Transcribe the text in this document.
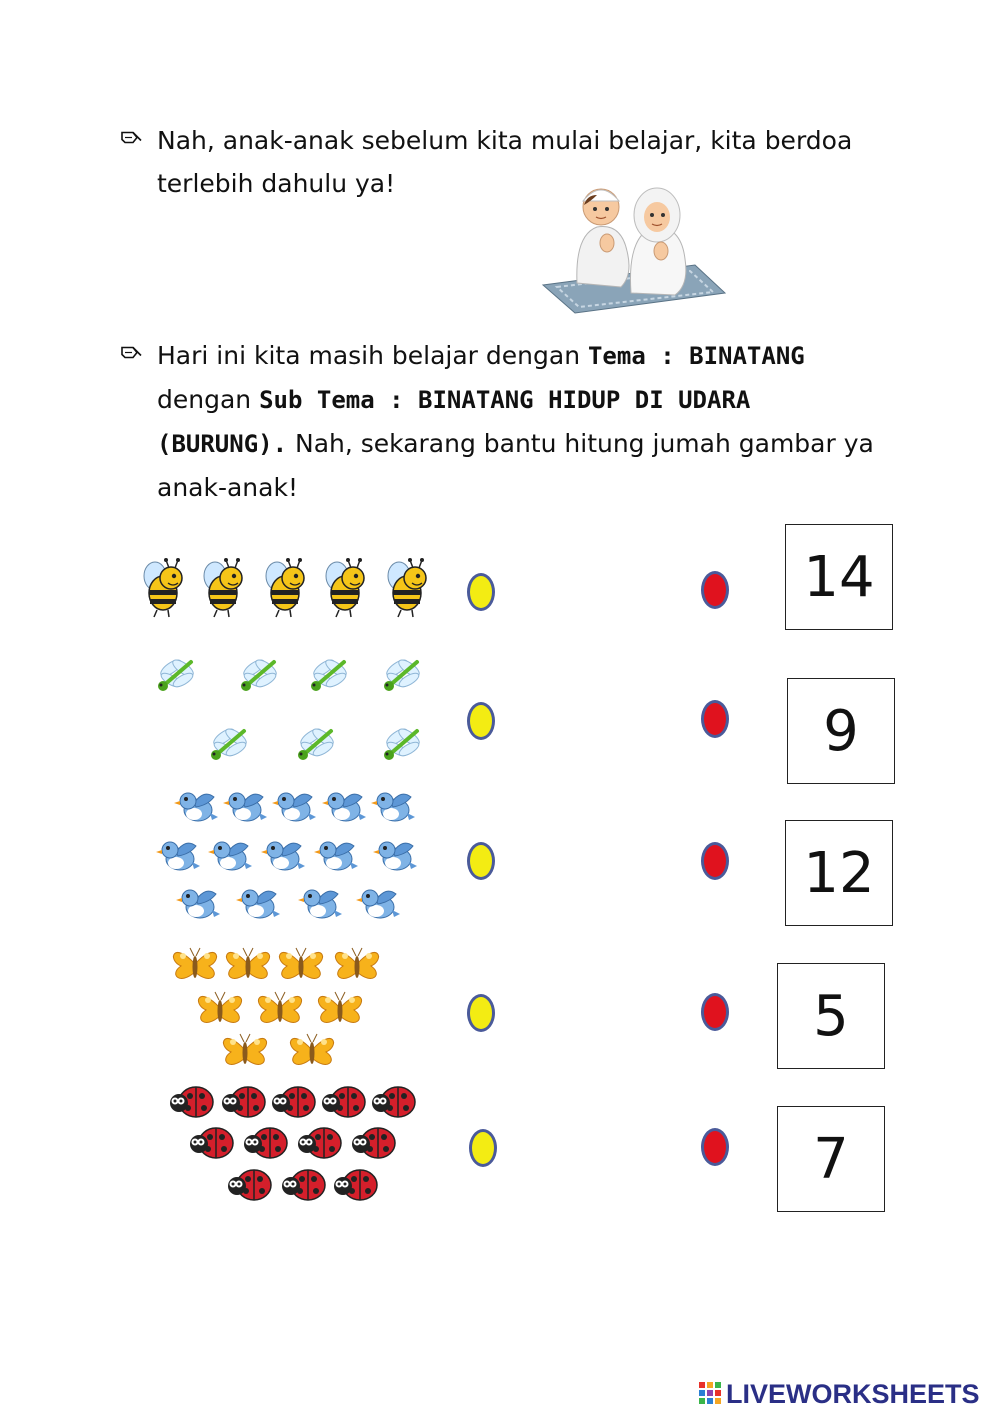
Nah, anak-anak sebelum kita mulai belajar, kita berdoa
terlebih dahulu ya!
Hari ini kita masih belajar dengan Tema : BINATANG
dengan Sub Tema : BINATANG HIDUP DI UDARA
(BURUNG). Nah, sekarang bantu hitung jumah gambar ya
anak-anak!
14
9
12
5
7
LIVEWORKSHEETS
